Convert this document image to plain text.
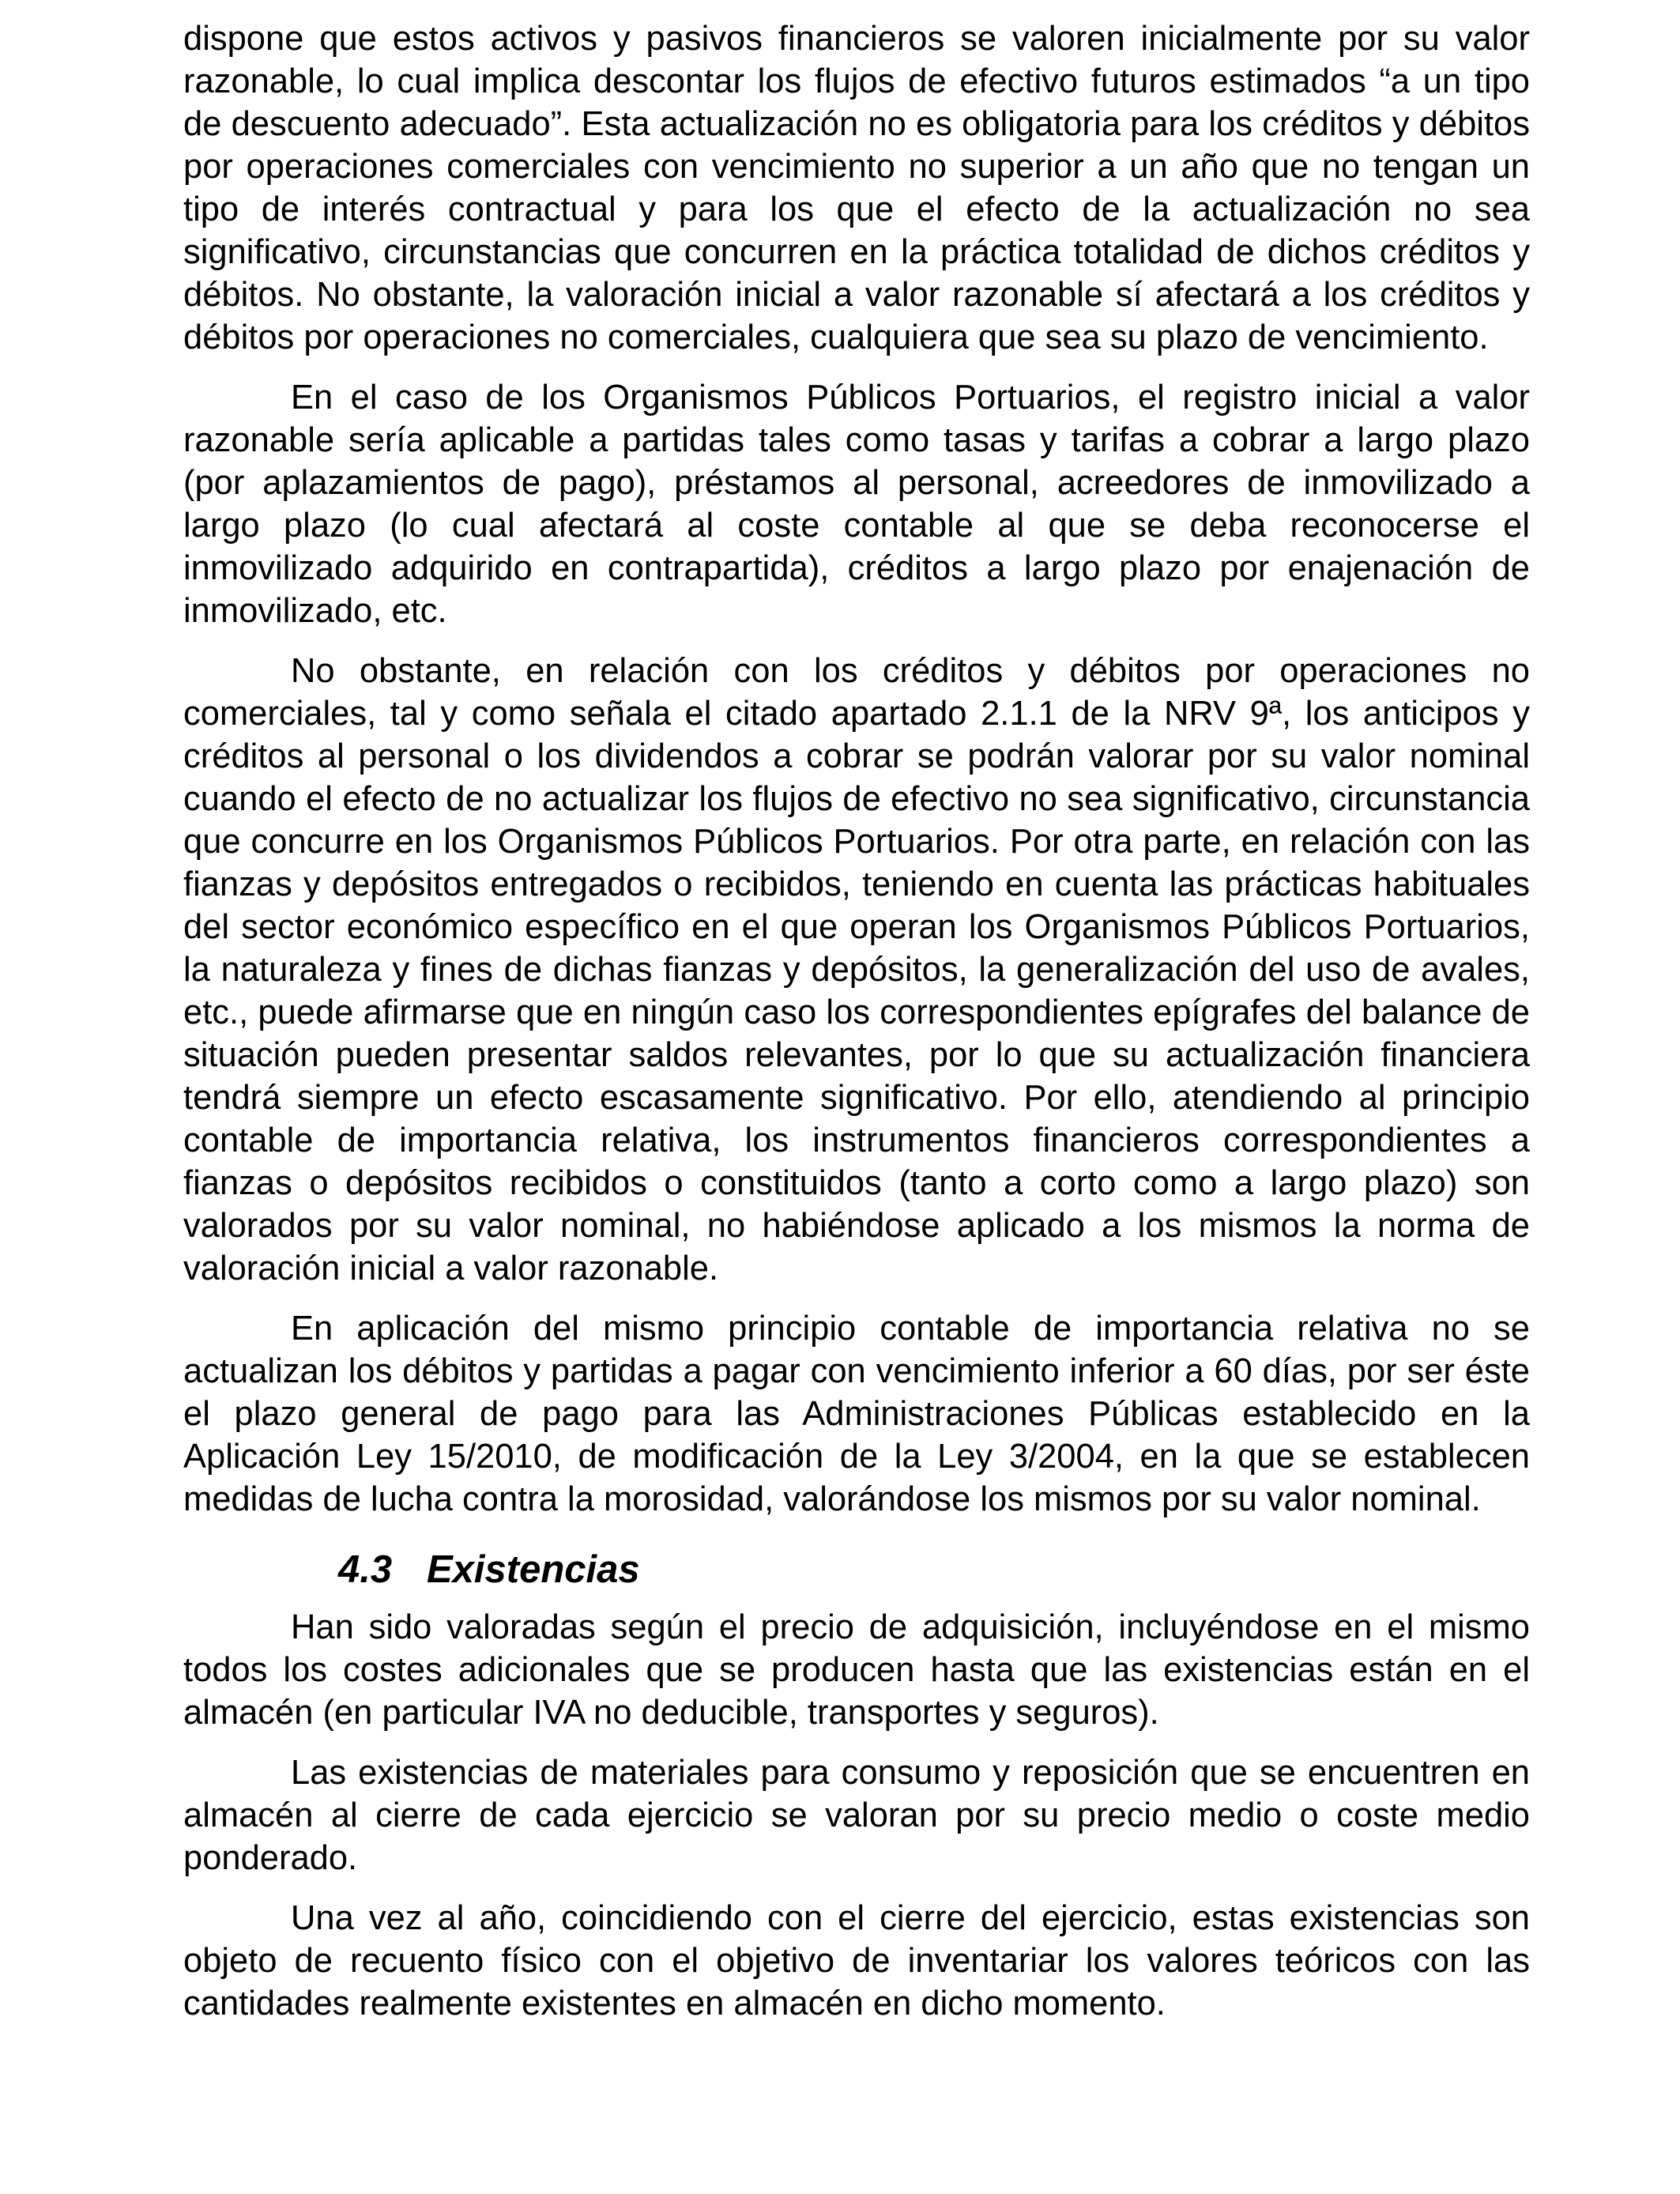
dispone que estos activos y pasivos financieros se valoren inicialmente por su valor razonable, lo cual implica descontar los flujos de efectivo futuros estimados “a un tipo de descuento adecuado”. Esta actualización no es obligatoria para los créditos y débitos por operaciones comerciales con vencimiento no superior a un año que no tengan un tipo de interés contractual y para los que el efecto de la actualización no sea significativo, circunstancias que concurren en la práctica totalidad de dichos créditos y débitos. No obstante, la valoración inicial a valor razonable sí afectará a los créditos y débitos por operaciones no comerciales, cualquiera que sea su plazo de vencimiento.

En el caso de los Organismos Públicos Portuarios, el registro inicial a valor razonable sería aplicable a partidas tales como tasas y tarifas a cobrar a largo plazo (por aplazamientos de pago), préstamos al personal, acreedores de inmovilizado a largo plazo (lo cual afectará al coste contable al que se deba reconocerse el inmovilizado adquirido en contrapartida), créditos a largo plazo por enajenación de inmovilizado, etc.

No obstante, en relación con los créditos y débitos por operaciones no comerciales, tal y como señala el citado apartado 2.1.1 de la NRV 9ª, los anticipos y créditos al personal o los dividendos a cobrar se podrán valorar por su valor nominal cuando el efecto de no actualizar los flujos de efectivo no sea significativo, circunstancia que concurre en los Organismos Públicos Portuarios. Por otra parte, en relación con las fianzas y depósitos entregados o recibidos, teniendo en cuenta las prácticas habituales del sector económico específico en el que operan los Organismos Públicos Portuarios, la naturaleza y fines de dichas fianzas y depósitos, la generalización del uso de avales, etc., puede afirmarse que en ningún caso los correspondientes epígrafes del balance de situación pueden presentar saldos relevantes, por lo que su actualización financiera tendrá siempre un efecto escasamente significativo. Por ello, atendiendo al principio contable de importancia relativa, los instrumentos financieros correspondientes a fianzas o depósitos recibidos o constituidos (tanto a corto como a largo plazo) son valorados por su valor nominal, no habiéndose aplicado a los mismos la norma de valoración inicial a valor razonable.

En aplicación del mismo principio contable de importancia relativa no se actualizan los débitos y partidas a pagar con vencimiento inferior a 60 días, por ser éste el plazo general de pago para las Administraciones Públicas establecido en la Aplicación Ley 15/2010, de modificación de la Ley 3/2004, en la que se establecen medidas de lucha contra la morosidad, valorándose los mismos por su valor nominal.

4.3 Existencias

Han sido valoradas según el precio de adquisición, incluyéndose en el mismo todos los costes adicionales que se producen hasta que las existencias están en el almacén (en particular IVA no deducible, transportes y seguros).

Las existencias de materiales para consumo y reposición que se encuentren en almacén al cierre de cada ejercicio se valoran por su precio medio o coste medio ponderado.

Una vez al año, coincidiendo con el cierre del ejercicio, estas existencias son objeto de recuento físico con el objetivo de inventariar los valores teóricos con las cantidades realmente existentes en almacén en dicho momento.
